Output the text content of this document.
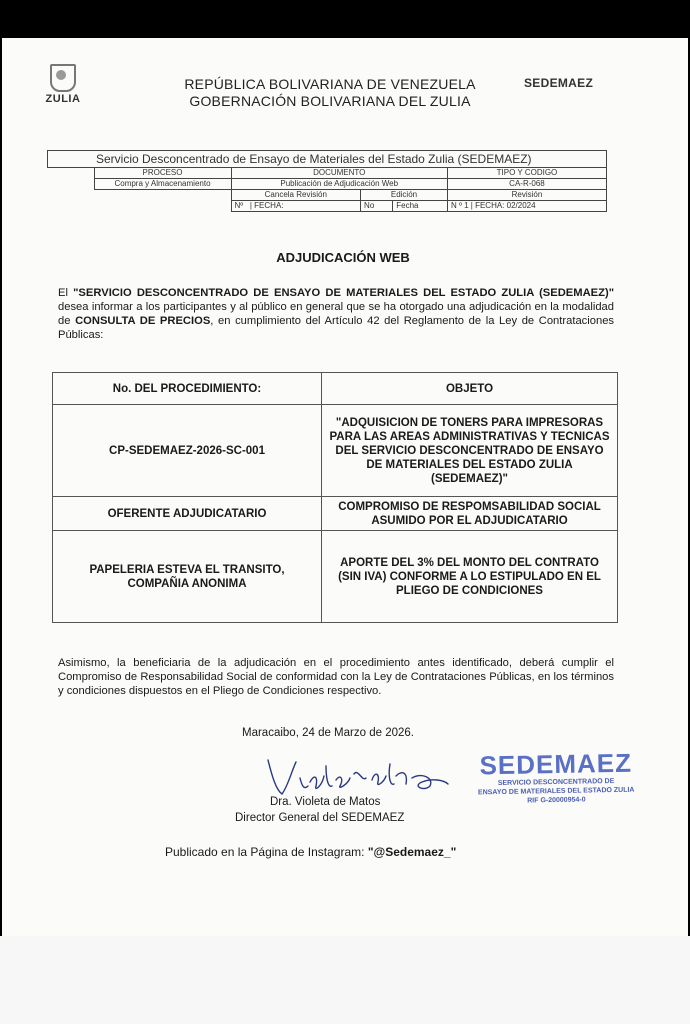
ZULIA
REPÚBLICA BOLIVARIANA DE VENEZUELA
GOBERNACIÓN BOLIVARIANA DEL ZULIA
SEDEMAEZ

Servicio Desconcentrado de Ensayo de Materiales del Estado Zulia (SEDEMAEZ)					
	PROCESO	DOCUMENTO			TIPO Y CODIGO
	Compra y Almacenamiento	Publicación de Adjudicación Web			CA-R-068
		Cancela Revisión	Edición		Revisión
		Nº   | FECHA:	No	Fecha	N º 1 | FECHA: 02/2024
ADJUDICACIÓN WEB
El "SERVICIO DESCONCENTRADO DE ENSAYO DE MATERIALES DEL ESTADO ZULIA (SEDEMAEZ)" desea informar a los participantes y al público en general que se ha otorgado una adjudicación en la modalidad de CONSULTA DE PRECIOS, en cumplimiento del Artículo 42 del Reglamento de la Ley de Contrataciones Públicas:
No. DEL PROCEDIMIENTO:	OBJETO
CP-SEDEMAEZ-2026-SC-001	"ADQUISICION DE TONERS PARA IMPRESORAS PARA LAS AREAS ADMINISTRATIVAS Y TECNICAS DEL SERVICIO DESCONCENTRADO DE ENSAYO DE MATERIALES DEL ESTADO ZULIA (SEDEMAEZ)"
OFERENTE ADJUDICATARIO	COMPROMISO DE RESPOMSABILIDAD SOCIAL ASUMIDO POR EL ADJUDICATARIO
PAPELERIA ESTEVA EL TRANSITO, COMPAÑIA ANONIMA	APORTE DEL 3% DEL MONTO DEL CONTRATO (SIN IVA) CONFORME A LO ESTIPULADO EN EL PLIEGO DE CONDICIONES
Asimismo, la beneficiaria de la adjudicación en el procedimiento antes identificado, deberá cumplir el Compromiso de Responsabilidad Social de conformidad con la Ley de Contrataciones Públicas, en los términos y condiciones dispuestos en el Pliego de Condiciones respectivo.
Maracaibo, 24 de Marzo de 2026.
Dra. Violeta de Matos
Director General del SEDEMAEZ
SEDEMAEZ
SERVICIO DESCONCENTRADO DE
ENSAYO DE MATERIALES DEL ESTADO ZULIA
RIF G-20000954-0
Publicado en la Página de Instagram: "@Sedemaez_"
